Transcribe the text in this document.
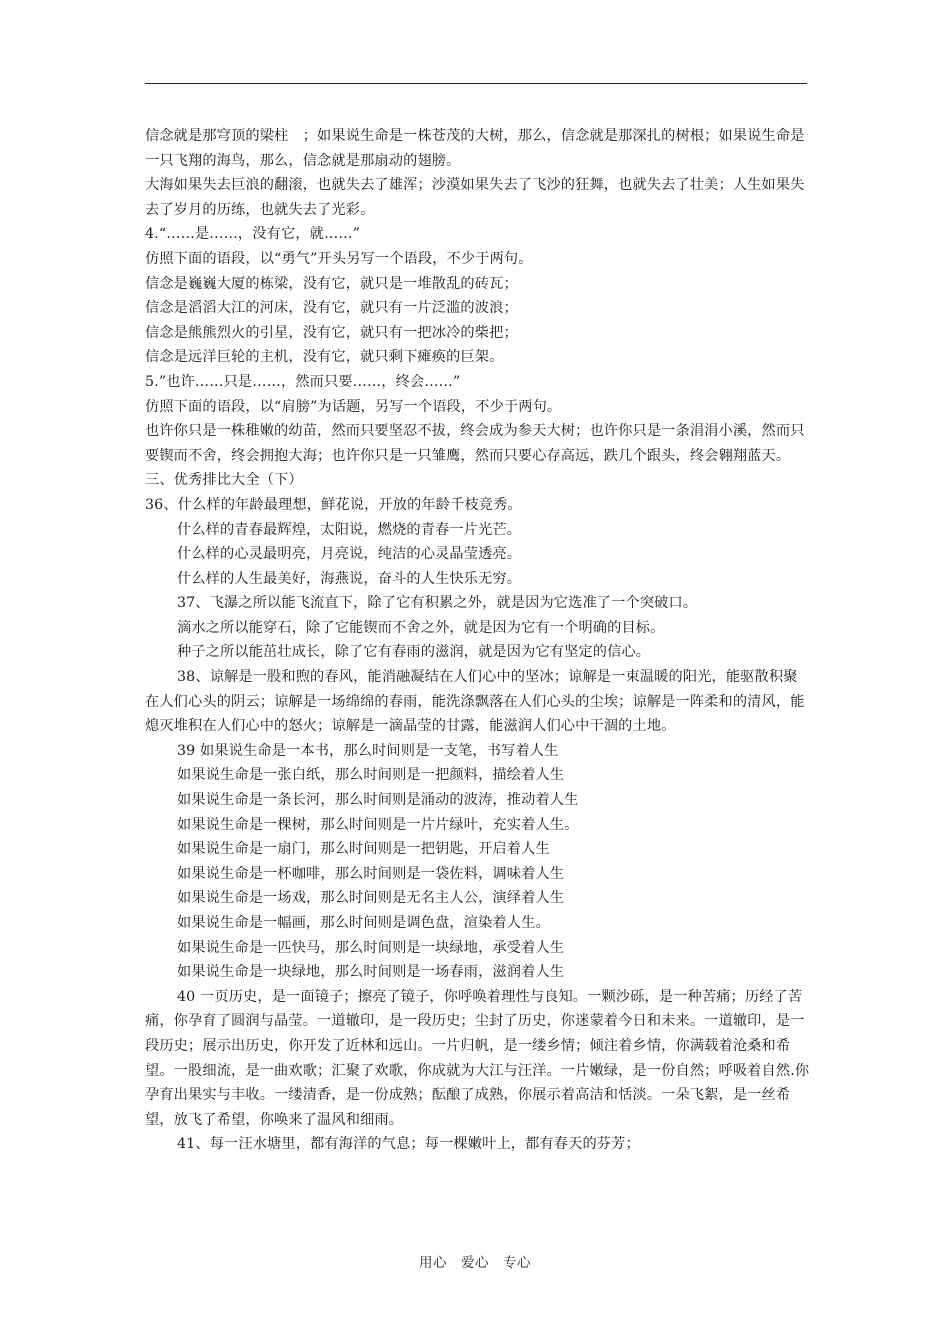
信念就是那穹顶的梁柱　；如果说生命是一株苍茂的大树，那么，信念就是那深扎的树根；如果说生命是一只飞翔的海鸟，那么，信念就是那扇动的翅膀。
大海如果失去巨浪的翻滚，也就失去了雄浑；沙漠如果失去了飞沙的狂舞，也就失去了壮美；人生如果失去了岁月的历练，也就失去了光彩。
4.“……是……，没有它，就……”
仿照下面的语段，以“勇气”开头另写一个语段，不少于两句。
信念是巍巍大厦的栋梁，没有它，就只是一堆散乱的砖瓦；
信念是滔滔大江的河床，没有它，就只有一片泛滥的波浪；
信念是熊熊烈火的引星，没有它，就只有一把冰冷的柴把；
信念是远洋巨轮的主机，没有它，就只剩下瘫痪的巨架。
5.”也许……只是……，然而只要……，终会……”
仿照下面的语段，以“肩膀”为话题，另写一个语段，不少于两句。
也许你只是一株稚嫩的幼苗，然而只要坚忍不拔，终会成为参天大树；也许你只是一条涓涓小溪，然而只要锲而不舍，终会拥抱大海；也许你只是一只雏鹰，然而只要心存高远，跌几个跟头，终会翱翔蓝天。
三、优秀排比大全（下）
36、什么样的年龄最理想，鲜花说，开放的年龄千枝竞秀。
什么样的青春最辉煌，太阳说，燃烧的青春一片光芒。
什么样的心灵最明亮，月亮说，纯洁的心灵晶莹透亮。
什么样的人生最美好，海燕说，奋斗的人生快乐无穷。
37、飞瀑之所以能飞流直下，除了它有积累之外，就是因为它选准了一个突破口。
滴水之所以能穿石，除了它能锲而不舍之外，就是因为它有一个明确的目标。
种子之所以能茁壮成长，除了它有春雨的滋润，就是因为它有坚定的信心。
38、谅解是一股和煦的春风，能消融凝结在人们心中的坚冰；谅解是一束温暖的阳光，能驱散积聚在人们心头的阴云；谅解是一场绵绵的春雨，能洗涤飘落在人们心头的尘埃；谅解是一阵柔和的清风，能熄灭堆积在人们心中的怒火；谅解是一滴晶莹的甘露，能滋润人们心中干涸的土地。
39 如果说生命是一本书，那么时间则是一支笔，书写着人生
如果说生命是一张白纸，那么时间则是一把颜料，描绘着人生
如果说生命是一条长河，那么时间则是涌动的波涛，推动着人生
如果说生命是一棵树，那么时间则是一片片绿叶，充实着人生。
如果说生命是一扇门，那么时间则是一把钥匙，开启着人生
如果说生命是一杯咖啡，那么时间则是一袋佐料，调味着人生
如果说生命是一场戏，那么时间则是无名主人公，演绎着人生
如果说生命是一幅画，那么时间则是调色盘，渲染着人生。
如果说生命是一匹快马，那么时间则是一块绿地，承受着人生
如果说生命是一块绿地，那么时间则是一场春雨，滋润着人生
40 一页历史，是一面镜子；擦亮了镜子，你呼唤着理性与良知。一颗沙砾，是一种苦痛；历经了苦痛，你孕育了圆润与晶莹。一道辙印，是一段历史；尘封了历史，你迷蒙着今日和未来。一道辙印，是一段历史；展示出历史，你开发了近林和远山。一片归帆，是一缕乡情；倾注着乡情，你满载着沧桑和希望。一股细流，是一曲欢歌；汇聚了欢歌，你成就为大江与汪洋。一片嫩绿，是一份自然；呼吸着自然.你孕育出果实与丰收。一缕清香，是一份成熟；酝酿了成熟，你展示着高洁和恬淡。一朵飞絮，是一丝希望，放飞了希望，你唤来了温风和细雨。
41、每一汪水塘里，都有海洋的气息；每一棵嫩叶上，都有春天的芬芳；
用心　爱心　专心
